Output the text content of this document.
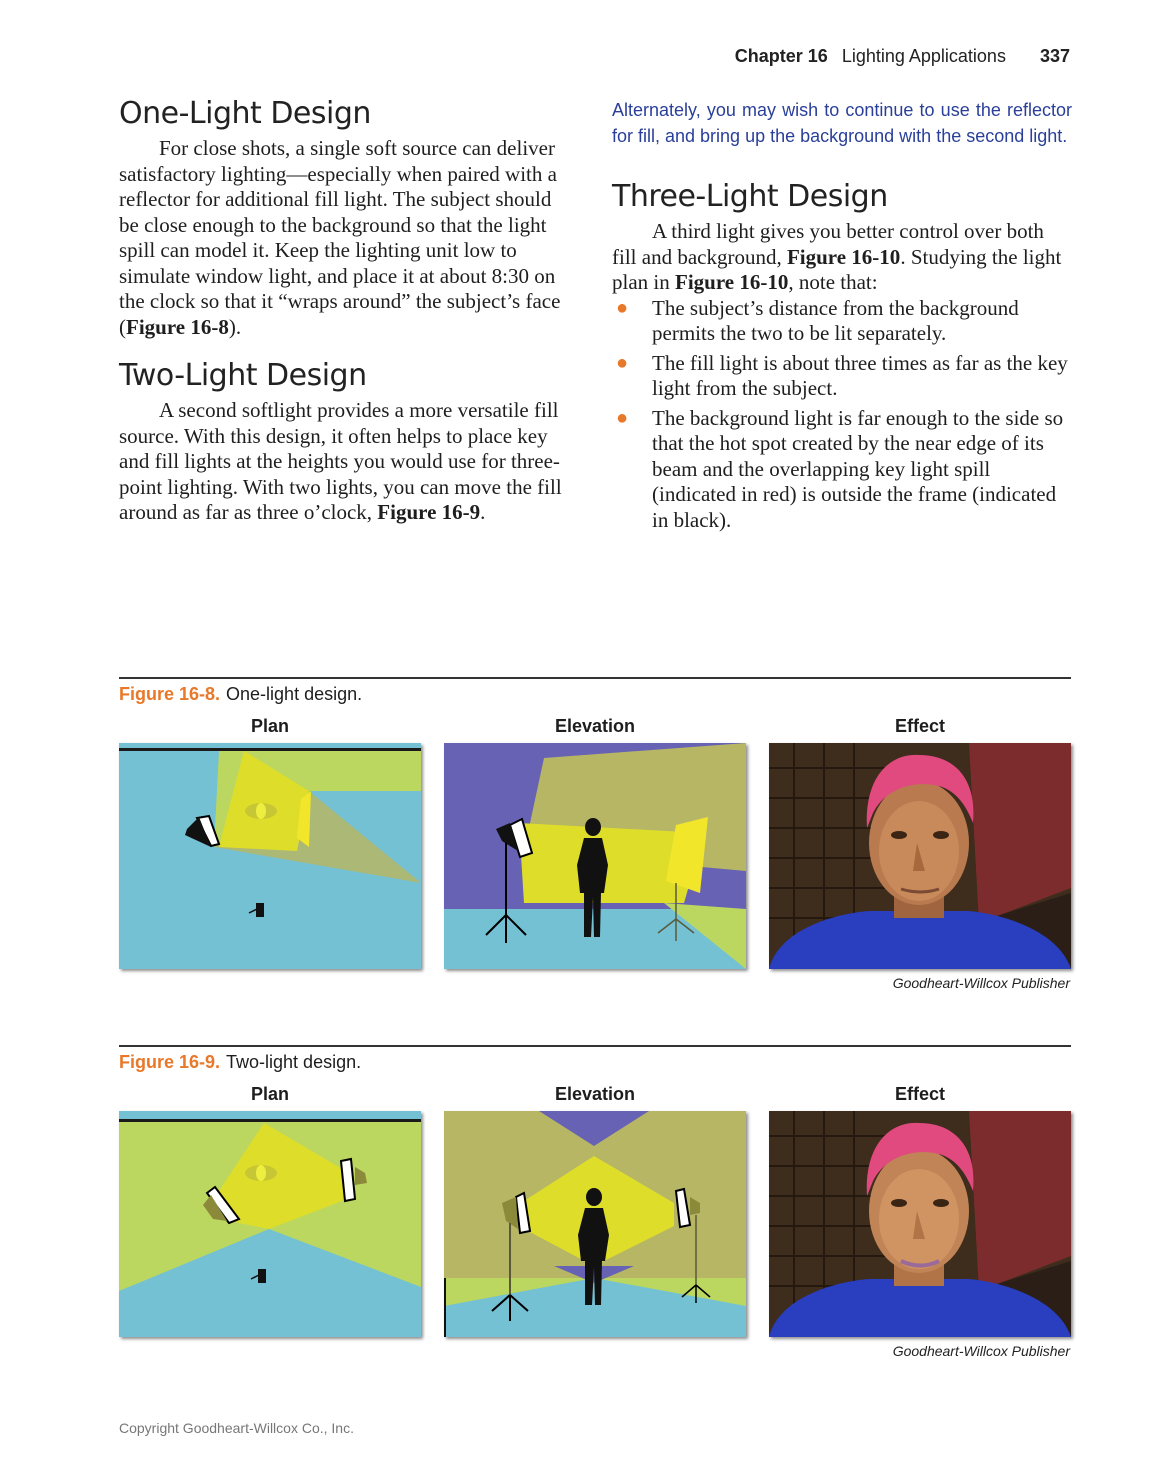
Chapter 16 Lighting Applications 337
One-Light Design

For close shots, a single soft source can deliver satisfactory lighting—especially when paired with a reflector for additional fill light. The subject should be close enough to the background so that the light spill can model it. Keep the lighting unit low to simulate window light, and place it at about 8:30 on the clock so that it “wraps around” the subject’s face (Figure 16-8).

Two-Light Design

A second softlight provides a more versatile fill source. With this design, it often helps to place key and fill lights at the heights you would use for three-point lighting. With two lights, you can move the fill around as far as three o’clock, Figure 16-9.

Alternately, you may wish to continue to use the reflector for fill, and bring up the background with the second light.

Three-Light Design

A third light gives you better control over both fill and background, Figure 16-10. Studying the light plan in Figure 16-10, note that:

● The subject’s distance from the background permits the two to be lit separately.
● The fill light is about three times as far as the key light from the subject.
● The background light is far enough to the side so that the hot spot created by the near edge of its beam and the overlapping key light spill (indicated in red) is outside the frame (indicated in black).
Figure 16-8. One-light design.
Plan	Elevation	Effect
Goodheart-Willcox Publisher
Figure 16-9. Two-light design.
Plan	Elevation	Effect
Goodheart-Willcox Publisher
Copyright Goodheart-Willcox Co., Inc.
